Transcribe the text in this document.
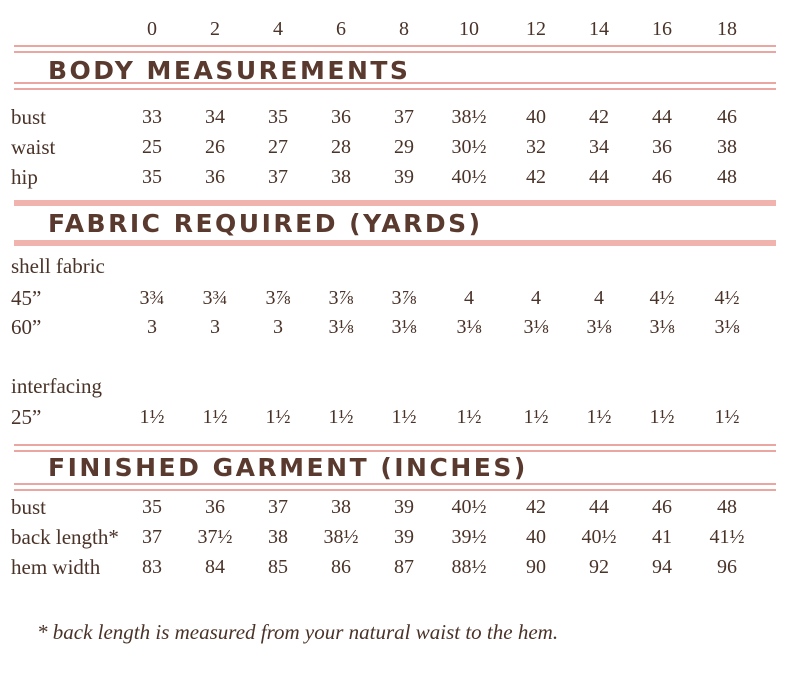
0	2	4	6	8	10	12	14	16	18
BODY MEASUREMENTS
bust	33	34	35	36	37	38½	40	42	44	46
waist	25	26	27	28	29	30½	32	34	36	38
hip	35	36	37	38	39	40½	42	44	46	48
FABRIC REQUIRED (YARDS)
shell fabric
45”	3¾	3¾	3⅞	3⅞	3⅞	4	4	4	4½	4½
60”	3	3	3	3⅛	3⅛	3⅛	3⅛	3⅛	3⅛	3⅛
interfacing
25”	1½	1½	1½	1½	1½	1½	1½	1½	1½	1½
FINISHED GARMENT (INCHES)
bust	35	36	37	38	39	40½	42	44	46	48
back length*	37	37½	38	38½	39	39½	40	40½	41	41½
hem width	83	84	85	86	87	88½	90	92	94	96
* back length is measured from your natural waist to the hem.
